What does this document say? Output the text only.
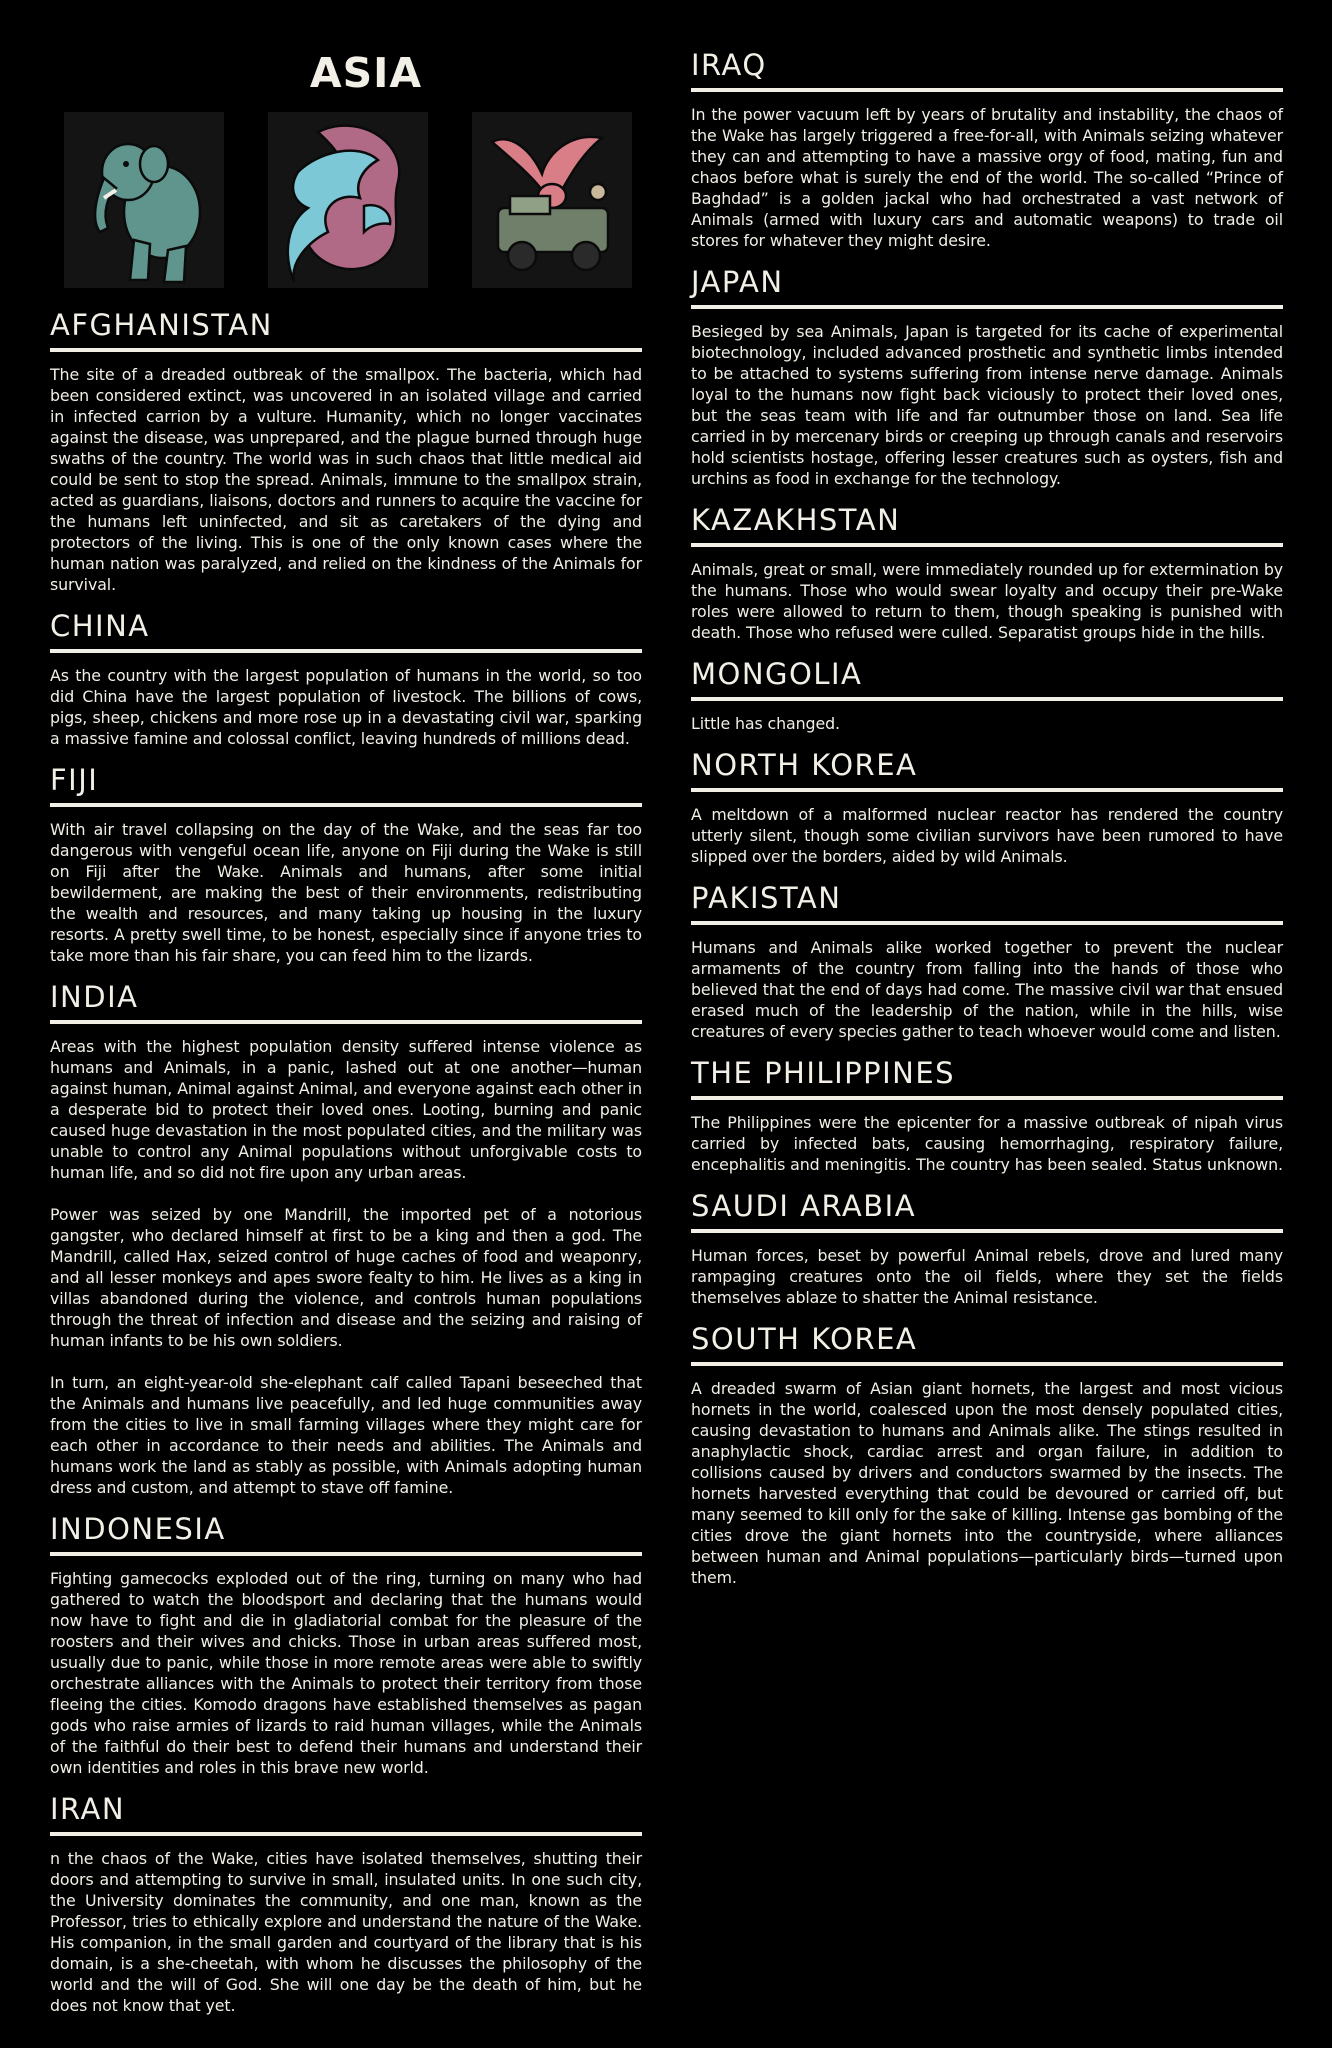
ASIA
AFGHANISTAN

The site of a dreaded outbreak of the smallpox. The bacteria, which had been considered extinct, was uncovered in an isolated village and carried in infected carrion by a vulture. Humanity, which no longer vaccinates against the disease, was unprepared, and the plague burned through huge swaths of the country. The world was in such chaos that little medical aid could be sent to stop the spread. Animals, immune to the smallpox strain, acted as guardians, liaisons, doctors and runners to acquire the vaccine for the humans left uninfected, and sit as caretakers of the dying and protectors of the living. This is one of the only known cases where the human nation was paralyzed, and relied on the kindness of the Animals for survival.

CHINA

As the country with the largest population of humans in the world, so too did China have the largest population of livestock. The billions of cows, pigs, sheep, chickens and more rose up in a devastating civil war, sparking a massive famine and colossal conflict, leaving hundreds of millions dead.

FIJI

With air travel collapsing on the day of the Wake, and the seas far too dangerous with vengeful ocean life, anyone on Fiji during the Wake is still on Fiji after the Wake. Animals and humans, after some initial bewilderment, are making the best of their environments, redistributing the wealth and resources, and many taking up housing in the luxury resorts. A pretty swell time, to be honest, especially since if anyone tries to take more than his fair share, you can feed him to the lizards.

INDIA

Areas with the highest population density suffered intense violence as humans and Animals, in a panic, lashed out at one another—human against human, Animal against Animal, and everyone against each other in a desperate bid to protect their loved ones. Looting, burning and panic caused huge devastation in the most populated cities, and the military was unable to control any Animal populations without unforgivable costs to human life, and so did not fire upon any urban areas.

Power was seized by one Mandrill, the imported pet of a notorious gangster, who declared himself at first to be a king and then a god. The Mandrill, called Hax, seized control of huge caches of food and weaponry, and all lesser monkeys and apes swore fealty to him. He lives as a king in villas abandoned during the violence, and controls human populations through the threat of infection and disease and the seizing and raising of human infants to be his own soldiers.

In turn, an eight-year-old she-elephant calf called Tapani beseeched that the Animals and humans live peacefully, and led huge communities away from the cities to live in small farming villages where they might care for each other in accordance to their needs and abilities. The Animals and humans work the land as stably as possible, with Animals adopting human dress and custom, and attempt to stave off famine.

INDONESIA

Fighting gamecocks exploded out of the ring, turning on many who had gathered to watch the bloodsport and declaring that the humans would now have to fight and die in gladiatorial combat for the pleasure of the roosters and their wives and chicks. Those in urban areas suffered most, usually due to panic, while those in more remote areas were able to swiftly orchestrate alliances with the Animals to protect their territory from those fleeing the cities. Komodo dragons have established themselves as pagan gods who raise armies of lizards to raid human villages, while the Animals of the faithful do their best to defend their humans and understand their own identities and roles in this brave new world.

IRAN

n the chaos of the Wake, cities have isolated themselves, shutting their doors and attempting to survive in small, insulated units. In one such city, the University dominates the community, and one man, known as the Professor, tries to ethically explore and understand the nature of the Wake. His companion, in the small garden and courtyard of the library that is his domain, is a she-cheetah, with whom he discusses the philosophy of the world and the will of God. She will one day be the death of him, but he does not know that yet.

IRAQ

In the power vacuum left by years of brutality and instability, the chaos of the Wake has largely triggered a free-for-all, with Animals seizing whatever they can and attempting to have a massive orgy of food, mating, fun and chaos before what is surely the end of the world. The so-called “Prince of Baghdad” is a golden jackal who had orchestrated a vast network of Animals (armed with luxury cars and automatic weapons) to trade oil stores for whatever they might desire.

JAPAN

Besieged by sea Animals, Japan is targeted for its cache of experimental biotechnology, included advanced prosthetic and synthetic limbs intended to be attached to systems suffering from intense nerve damage. Animals loyal to the humans now fight back viciously to protect their loved ones, but the seas team with life and far outnumber those on land. Sea life carried in by mercenary birds or creeping up through canals and reservoirs hold scientists hostage, offering lesser creatures such as oysters, fish and urchins as food in exchange for the technology.

KAZAKHSTAN

Animals, great or small, were immediately rounded up for extermination by the humans. Those who would swear loyalty and occupy their pre-Wake roles were allowed to return to them, though speaking is punished with death. Those who refused were culled. Separatist groups hide in the hills.

MONGOLIA

Little has changed.

NORTH KOREA

A meltdown of a malformed nuclear reactor has rendered the country utterly silent, though some civilian survivors have been rumored to have slipped over the borders, aided by wild Animals.

PAKISTAN

Humans and Animals alike worked together to prevent the nuclear armaments of the country from falling into the hands of those who believed that the end of days had come. The massive civil war that ensued erased much of the leadership of the nation, while in the hills, wise creatures of every species gather to teach whoever would come and listen.

THE PHILIPPINES

The Philippines were the epicenter for a massive outbreak of nipah virus carried by infected bats, causing hemorrhaging, respiratory failure, encephalitis and meningitis. The country has been sealed. Status unknown.

SAUDI ARABIA

Human forces, beset by powerful Animal rebels, drove and lured many rampaging creatures onto the oil fields, where they set the fields themselves ablaze to shatter the Animal resistance.

SOUTH KOREA

A dreaded swarm of Asian giant hornets, the largest and most vicious hornets in the world, coalesced upon the most densely populated cities, causing devastation to humans and Animals alike. The stings resulted in anaphylactic shock, cardiac arrest and organ failure, in addition to collisions caused by drivers and conductors swarmed by the insects. The hornets harvested everything that could be devoured or carried off, but many seemed to kill only for the sake of killing. Intense gas bombing of the cities drove the giant hornets into the countryside, where alliances between human and Animal populations—particularly birds—turned upon them.
